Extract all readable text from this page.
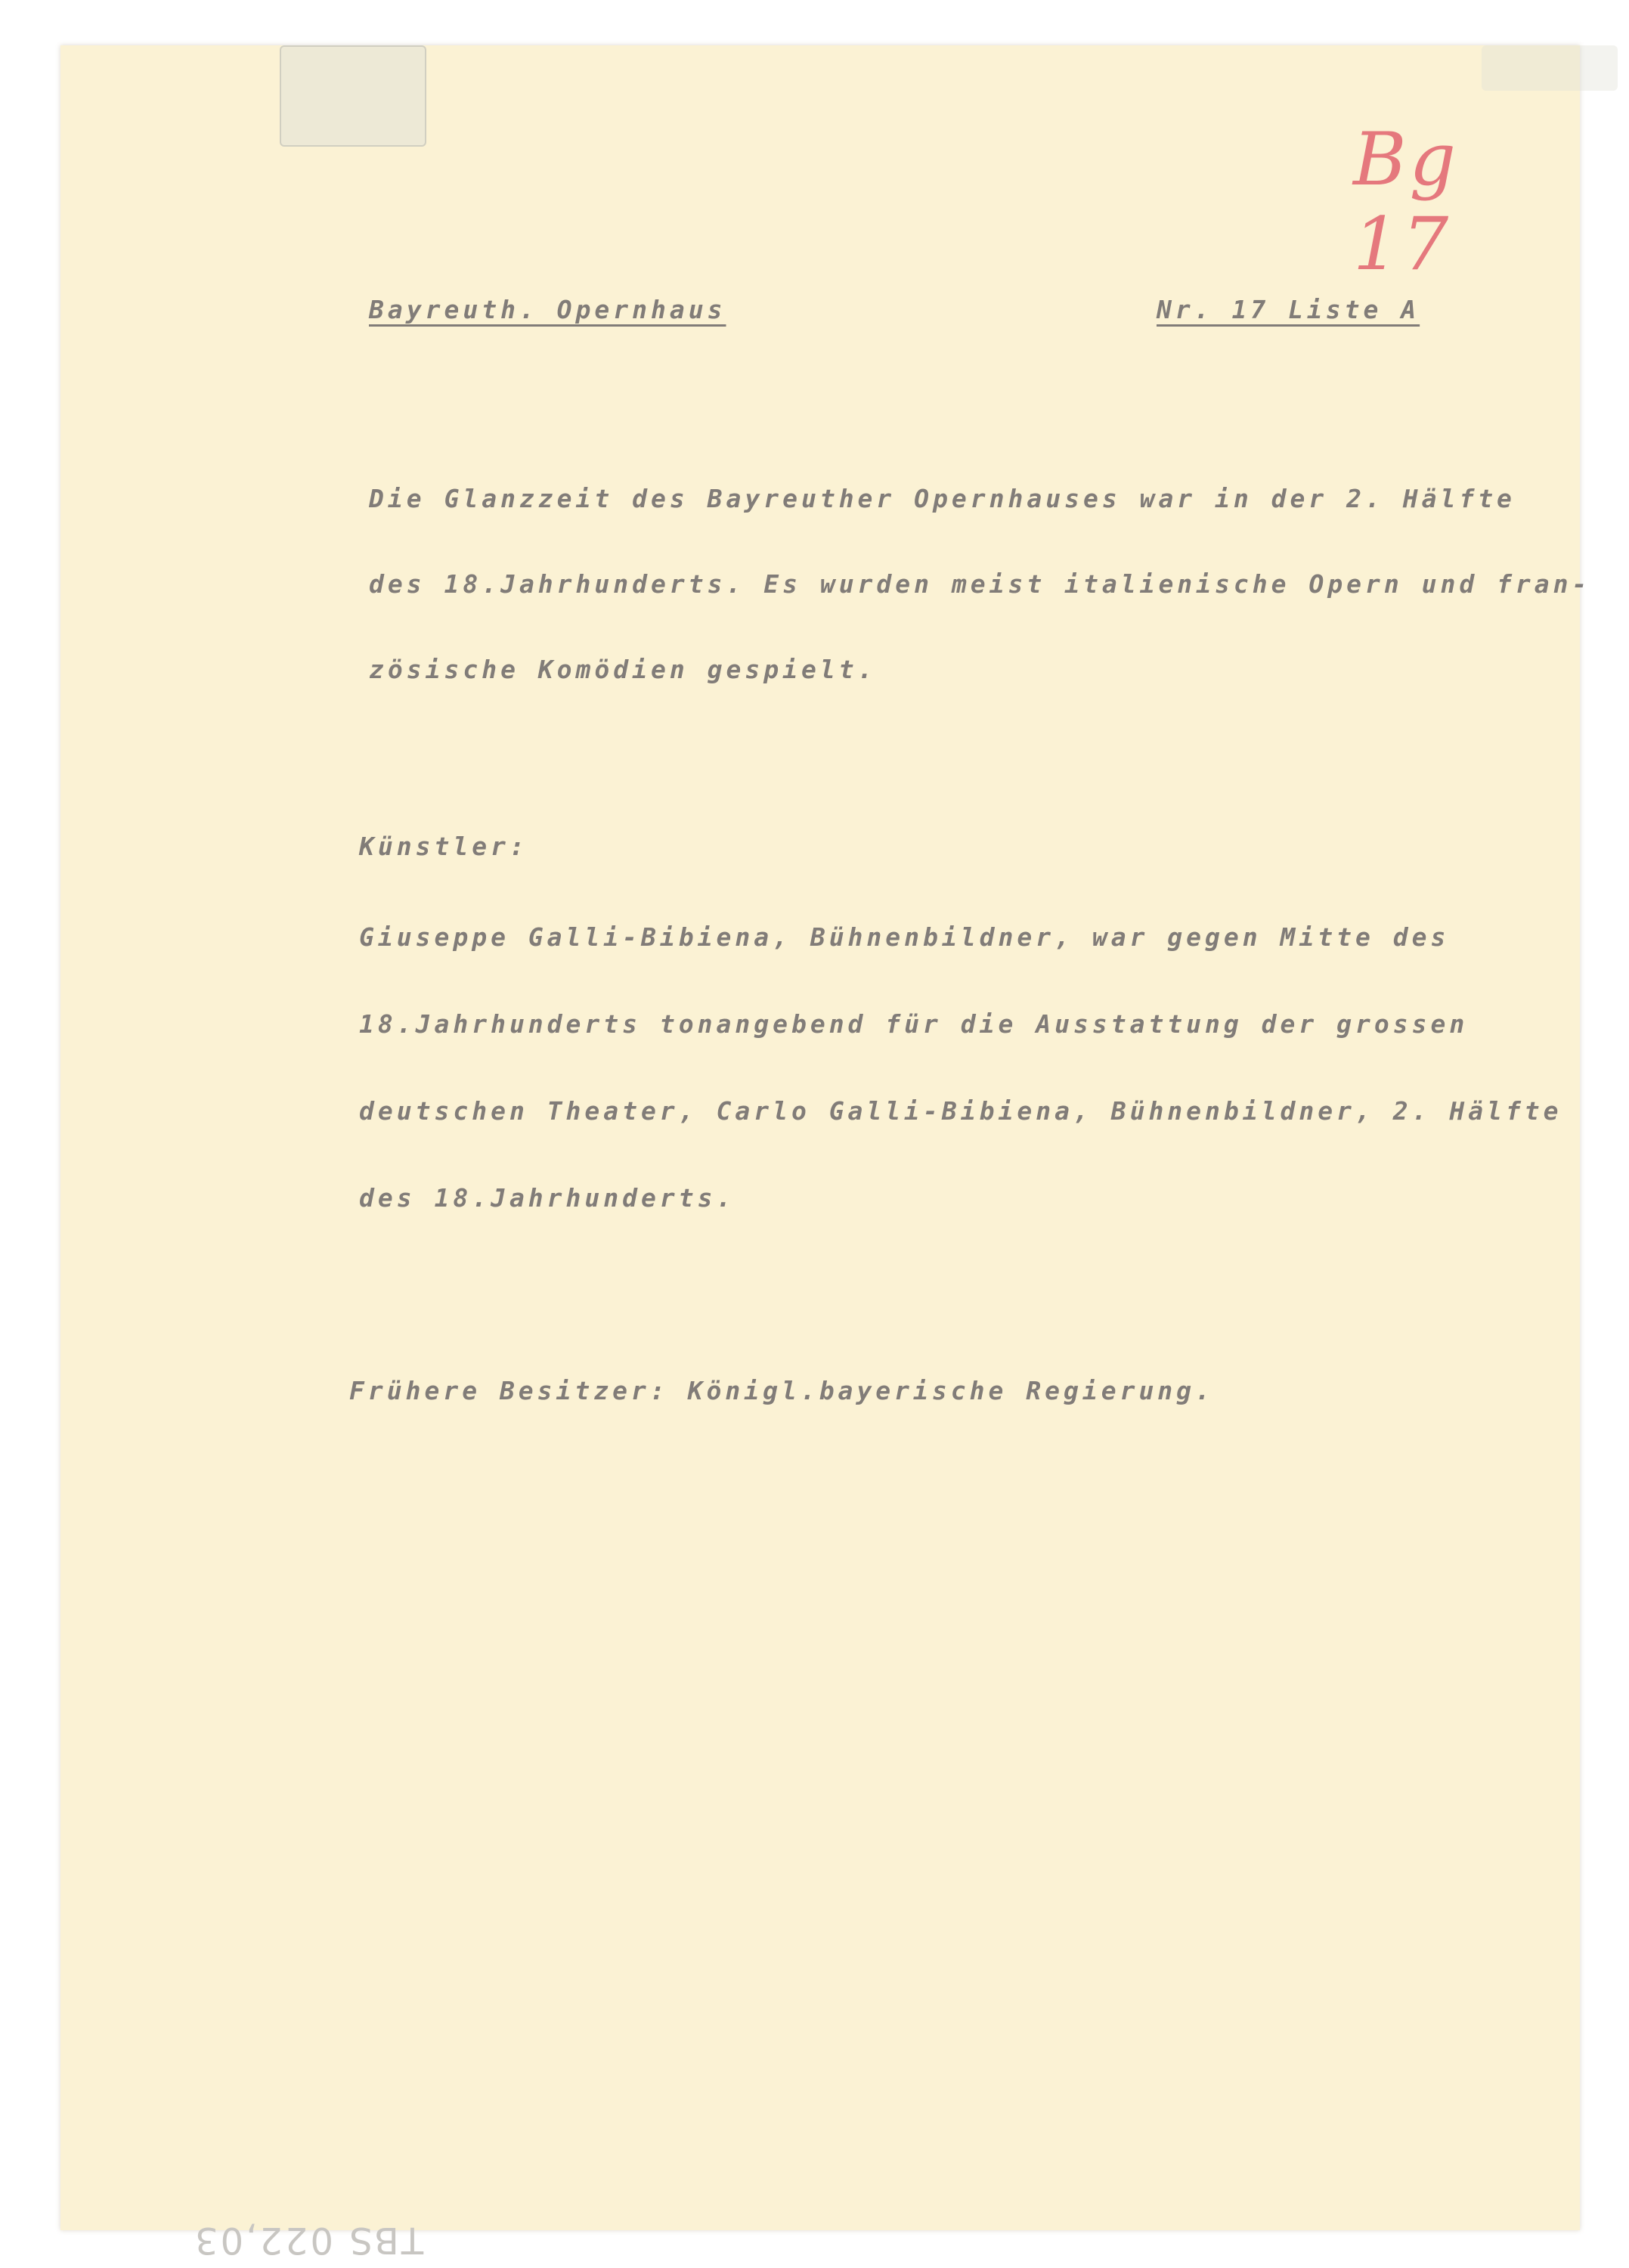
Bg 17
Bayreuth. Opernhaus	Nr. 17 Liste A
Die Glanzzeit des Bayreuther Opernhauses war in der 2. Hälfte
des 18.Jahrhunderts. Es wurden meist italienische Opern und fran-
zösische Komödien gespielt.
Künstler:
Giuseppe Galli-Bibiena, Bühnenbildner, war gegen Mitte des
18.Jahrhunderts tonangebend für die Ausstattung der grossen
deutschen Theater, Carlo Galli-Bibiena, Bühnenbildner, 2. Hälfte
des 18.Jahrhunderts.
Frühere Besitzer: Königl.bayerische Regierung.
TBS 022,03
